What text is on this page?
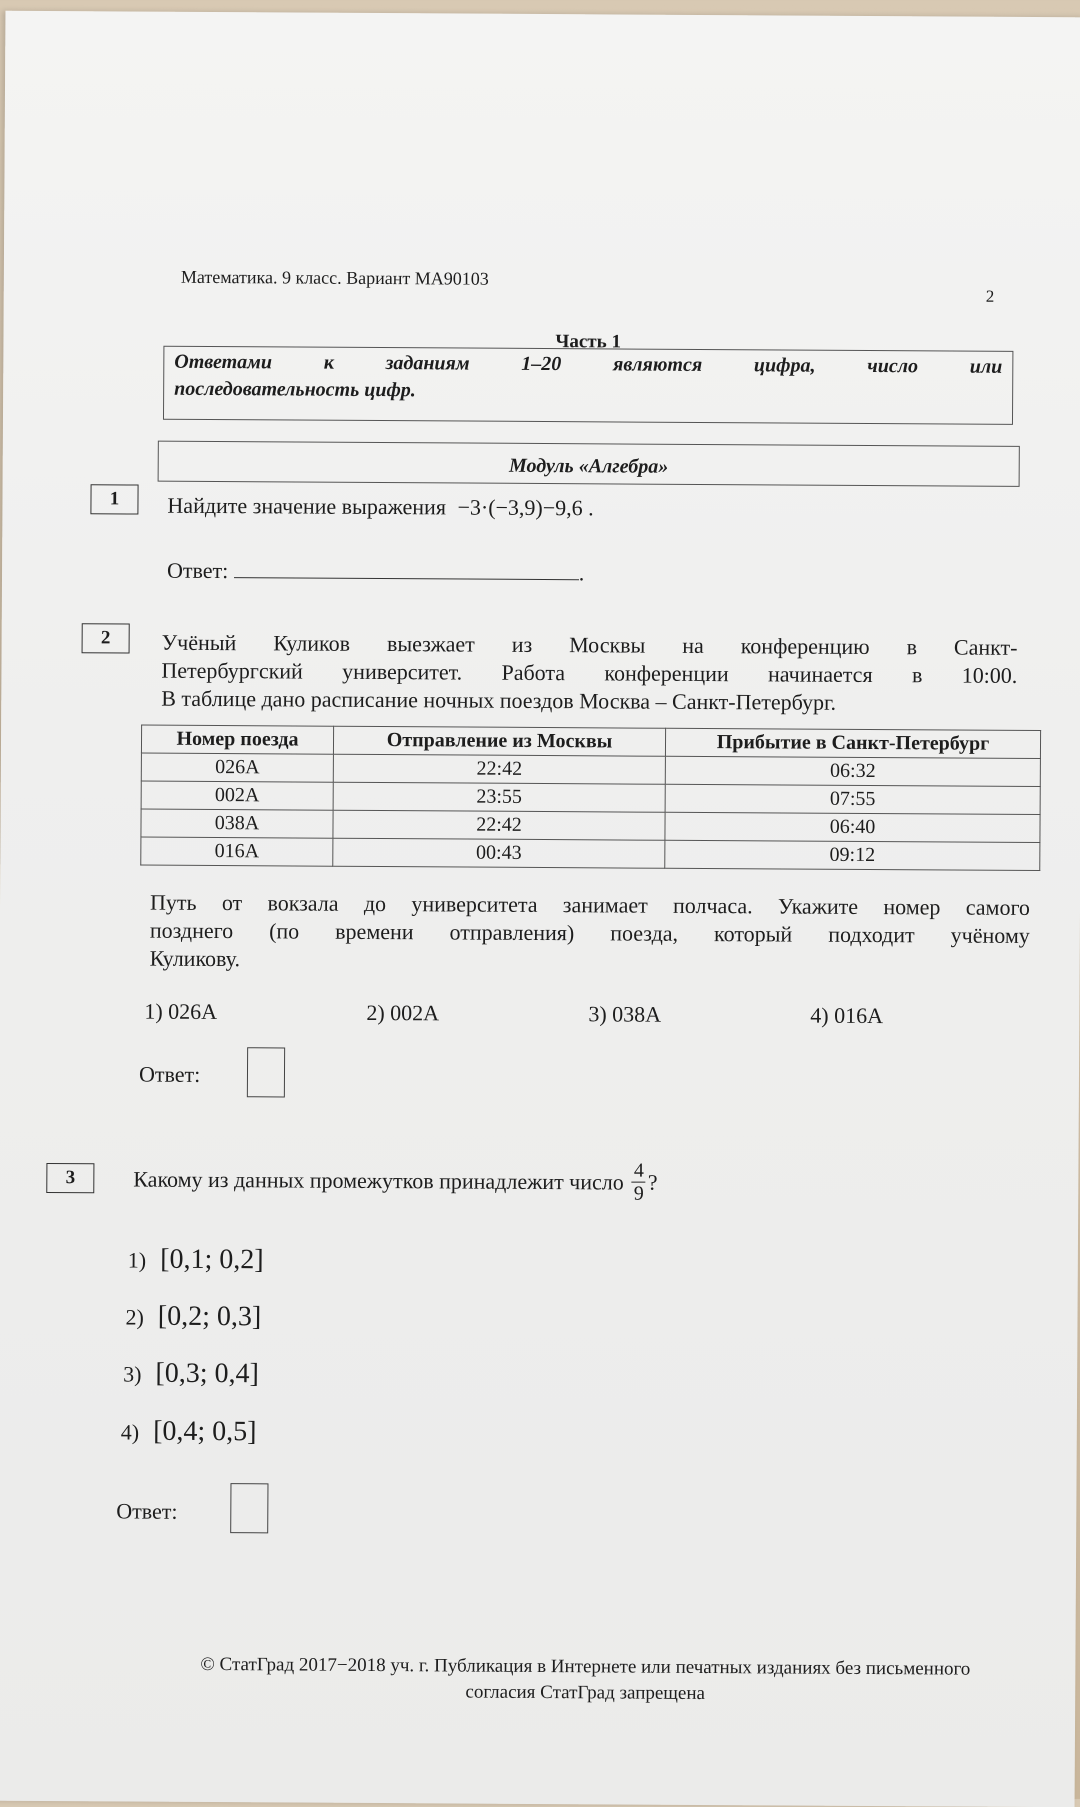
Математика. 9 класс. Вариант МА90103
2
Часть 1
Ответами	к	заданиям	1–20	являются	цифра,	число	или
последовательность цифр.
Модуль «Алгебра»
1	Найдите значение выражения −3·(−3,9)−9,6 .
Ответ:	.
2	Учёный Куликов выезжает из Москвы на конференцию в Санкт-
Петербургский университет. Работа конференции начинается в 10:00.
В таблице дано расписание ночных поездов Москва – Санкт-Петербург.
Номер поезда	Отправление из Москвы	Прибытие в Санкт-Петербург
026А	22:42	06:32
002А	23:55	07:55
038А	22:42	06:40
016А	00:43	09:12
Путь от вокзала до университета занимает полчаса. Укажите номер самого
позднего (по времени отправления) поезда, который подходит учёному
Куликову.
1) 026А	2) 002А	3) 038А	4) 016А
Ответ:
3	Какому из данных промежутков принадлежит число $\frac{4}{9}$ ?
1) [0,1; 0,2]
2) [0,2; 0,3]
3) [0,3; 0,4]
4) [0,4; 0,5]
Ответ:
© СтатГрад 2017−2018 уч. г. Публикация в Интернете или печатных изданиях без письменного
согласия СтатГрад запрещена
